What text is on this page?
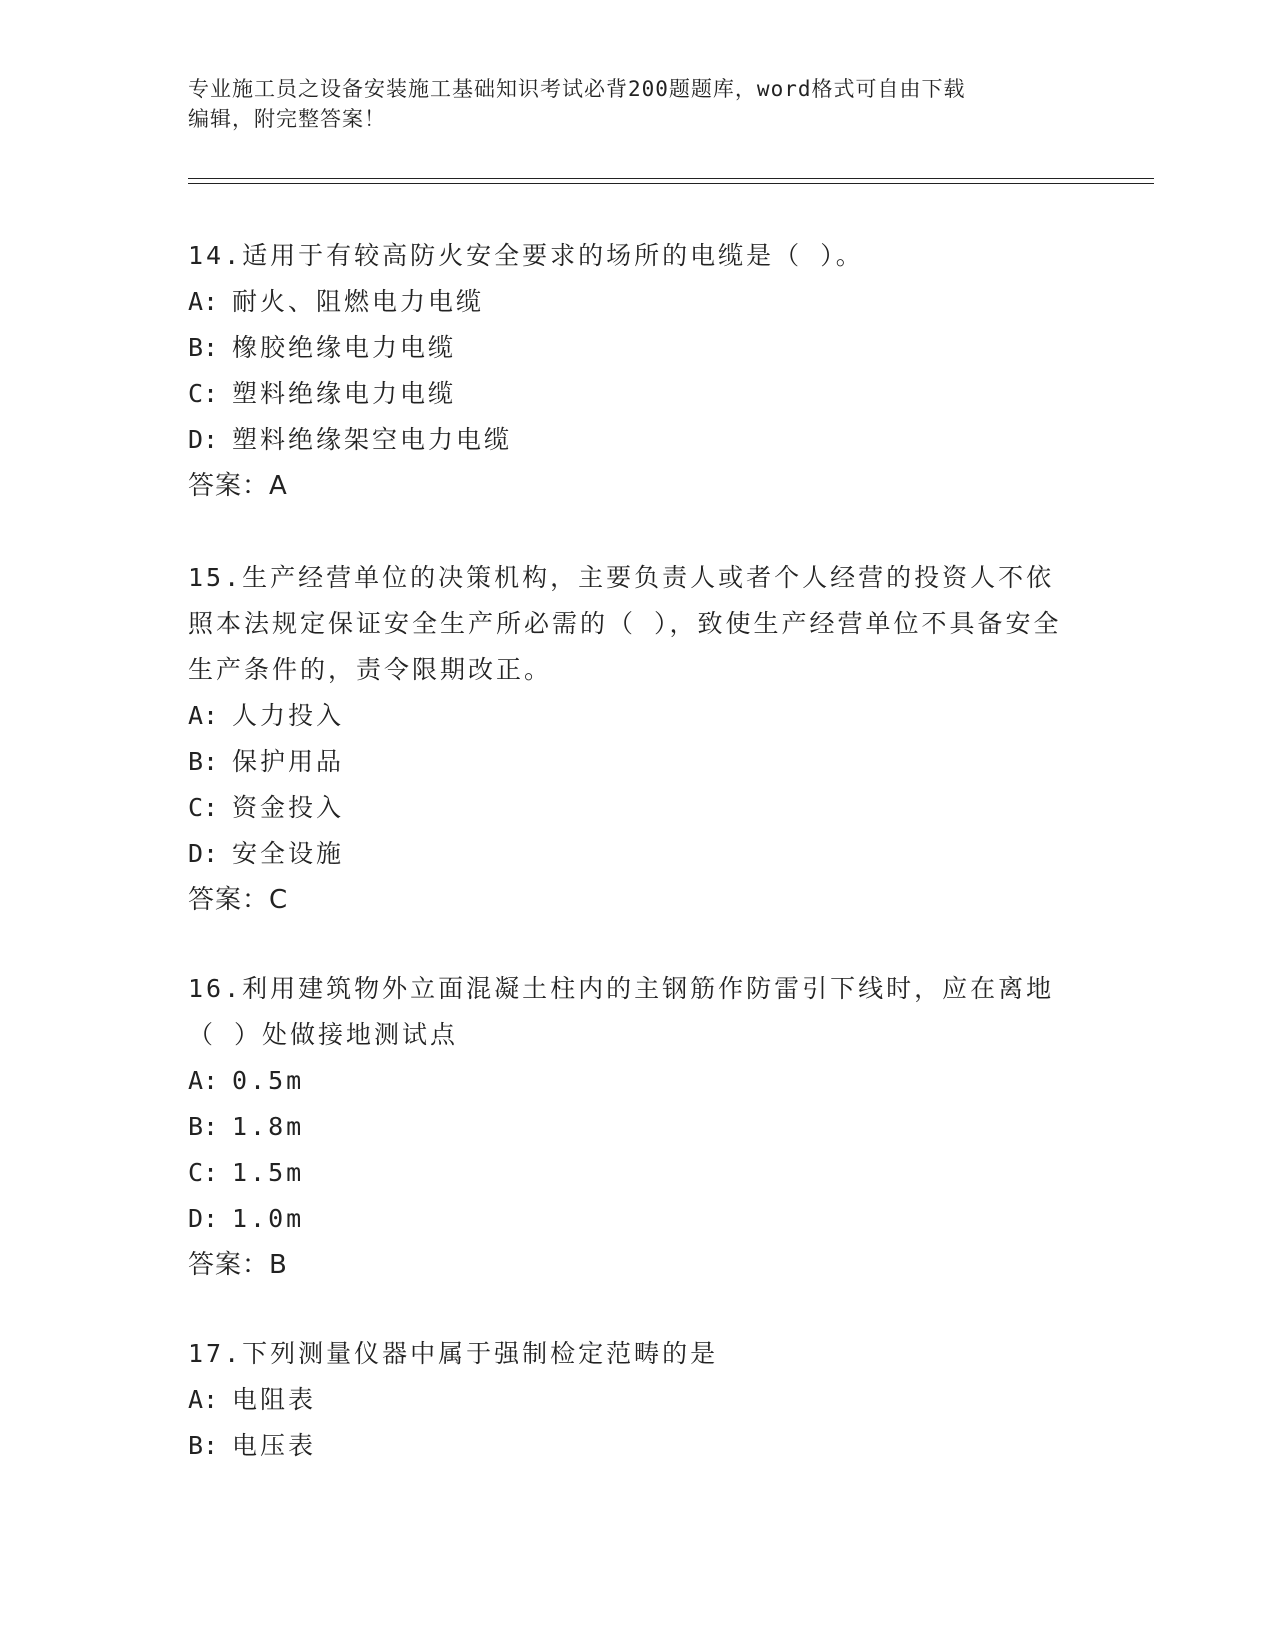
专业施工员之设备安装施工基础知识考试必背200题题库，word格式可自由下载
编辑，附完整答案！
14.适用于有较高防火安全要求的场所的电缆是（ ）。
A: 耐火、阻燃电力电缆
B: 橡胶绝缘电力电缆
C: 塑料绝缘电力电缆
D: 塑料绝缘架空电力电缆
答案：A
15.生产经营单位的决策机构，主要负责人或者个人经营的投资人不依照本法规定保证安全生产所必需的（ ），致使生产经营单位不具备安全生产条件的，责令限期改正。
A: 人力投入
B: 保护用品
C: 资金投入
D: 安全设施
答案：C
16.利用建筑物外立面混凝土柱内的主钢筋作防雷引下线时，应在离地（ ）处做接地测试点
A: 0.5m
B: 1.8m
C: 1.5m
D: 1.0m
答案：B
17.下列测量仪器中属于强制检定范畴的是
A: 电阻表
B: 电压表
